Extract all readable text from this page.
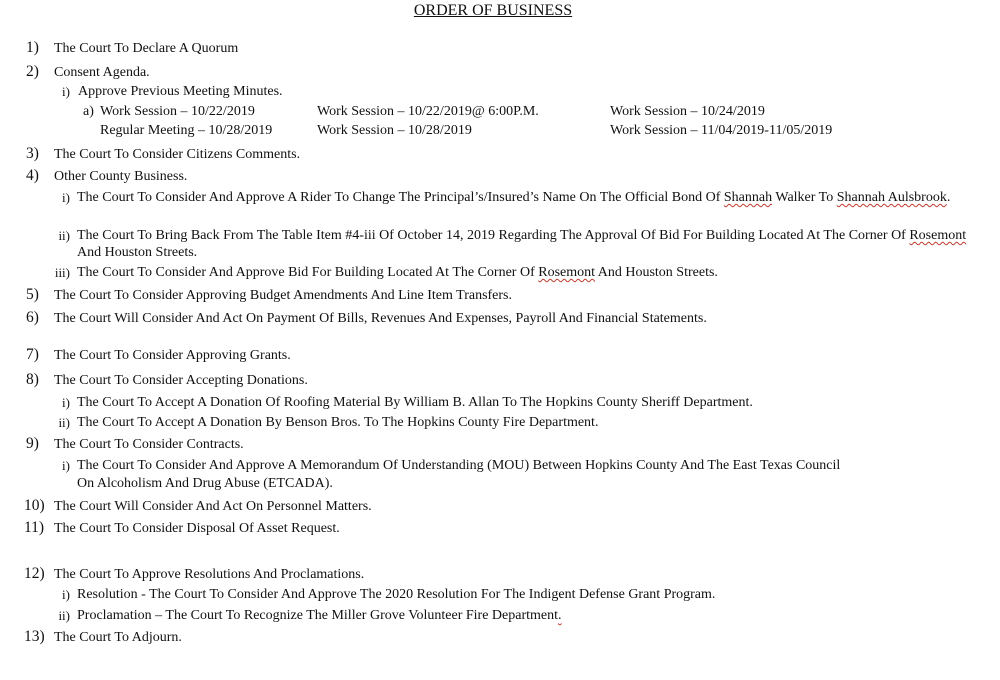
ORDER OF BUSINESS
1) The Court To Declare A Quorum
2) Consent Agenda.
i) Approve Previous Meeting Minutes.
a) Work Session – 10/22/2019	Work Session – 10/22/2019@ 6:00P.M.	Work Session – 10/24/2019
Regular Meeting – 10/28/2019	Work Session – 10/28/2019	Work Session – 11/04/2019-11/05/2019
3) The Court To Consider Citizens Comments.
4) Other County Business.
i) The Court To Consider And Approve A Rider To Change The Principal’s/Insured’s Name On The Official Bond Of Shannah Walker To Shannah Aulsbrook.
ii) The Court To Bring Back From The Table Item #4-iii Of October 14, 2019 Regarding The Approval Of Bid For Building Located At The Corner Of Rosemont And Houston Streets.
iii) The Court To Consider And Approve Bid For Building Located At The Corner Of Rosemont And Houston Streets.
5) The Court To Consider Approving Budget Amendments And Line Item Transfers.
6) The Court Will Consider And Act On Payment Of Bills, Revenues And Expenses, Payroll And Financial Statements.
7) The Court To Consider Approving Grants.
8) The Court To Consider Accepting Donations.
i) The Court To Accept A Donation Of Roofing Material By William B. Allan To The Hopkins County Sheriff Department.
ii) The Court To Accept A Donation By Benson Bros. To The Hopkins County Fire Department.
9) The Court To Consider Contracts.
i) The Court To Consider And Approve A Memorandum Of Understanding (MOU) Between Hopkins County And The East Texas Council
On Alcoholism And Drug Abuse (ETCADA).
10) The Court Will Consider And Act On Personnel Matters.
11) The Court To Consider Disposal Of Asset Request.
12) The Court To Approve Resolutions And Proclamations.
i) Resolution - The Court To Consider And Approve The 2020 Resolution For The Indigent Defense Grant Program.
ii) Proclamation – The Court To Recognize The Miller Grove Volunteer Fire Department.
13) The Court To Adjourn.
